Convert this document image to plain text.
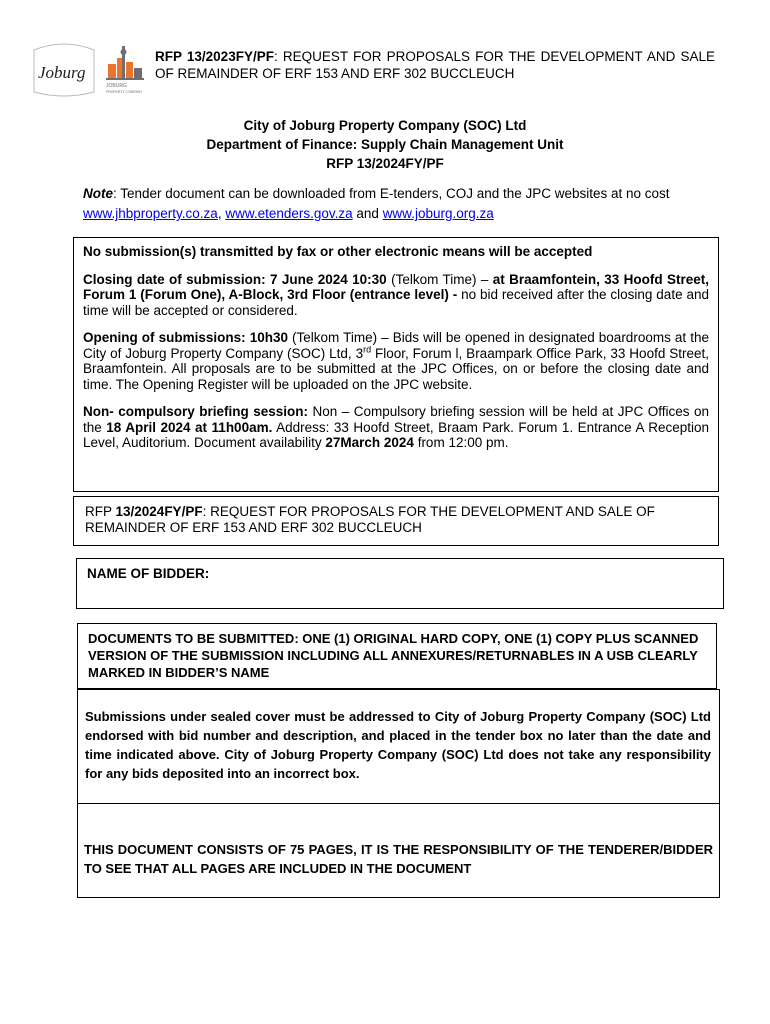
Joburg
JOBURG
PROPERTY COMPANY
RFP 13/2023FY/PF: REQUEST FOR PROPOSALS FOR THE DEVELOPMENT AND SALE OF REMAINDER OF ERF 153 AND ERF 302 BUCCLEUCH
City of Joburg Property Company (SOC) Ltd
Department of Finance: Supply Chain Management Unit
RFP 13/2024FY/PF
Note: Tender document can be downloaded from E-tenders, COJ and the JPC websites at no cost
www.jhbproperty.co.za, www.etenders.gov.za and www.joburg.org.za

No submission(s) transmitted by fax or other electronic means will be accepted

Closing date of submission: 7 June 2024 10:30 (Telkom Time) – at Braamfontein, 33 Hoofd Street, Forum 1 (Forum One), A-Block, 3rd Floor (entrance level) - no bid received after the closing date and time will be accepted or considered.

Opening of submissions: 10h30 (Telkom Time) – Bids will be opened in designated boardrooms at the City of Joburg Property Company (SOC) Ltd, 3rd Floor, Forum l, Braampark Office Park, 33 Hoofd Street, Braamfontein. All proposals are to be submitted at the JPC Offices, on or before the closing date and time. The Opening Register will be uploaded on the JPC website.

Non- compulsory briefing session: Non – Compulsory briefing session will be held at JPC Offices on the 18 April 2024 at 11h00am. Address: 33 Hoofd Street, Braam Park. Forum 1. Entrance A Reception Level, Auditorium. Document availability 27March 2024 from 12:00 pm.

RFP 13/2024FY/PF: REQUEST FOR PROPOSALS FOR THE DEVELOPMENT AND SALE OF REMAINDER OF ERF 153 AND ERF 302 BUCCLEUCH
NAME OF BIDDER:
DOCUMENTS TO BE SUBMITTED: ONE (1) ORIGINAL HARD COPY, ONE (1) COPY PLUS SCANNED VERSION OF THE SUBMISSION INCLUDING ALL ANNEXURES/RETURNABLES IN A USB CLEARLY MARKED IN BIDDER’S NAME
Submissions under sealed cover must be addressed to City of Joburg Property Company (SOC) Ltd endorsed with bid number and description, and placed in the tender box no later than the date and time indicated above. City of Joburg Property Company (SOC) Ltd does not take any responsibility for any bids deposited into an incorrect box.
THIS DOCUMENT CONSISTS OF 75 PAGES, IT IS THE RESPONSIBILITY OF THE TENDERER/BIDDER TO SEE THAT ALL PAGES ARE INCLUDED IN THE DOCUMENT
